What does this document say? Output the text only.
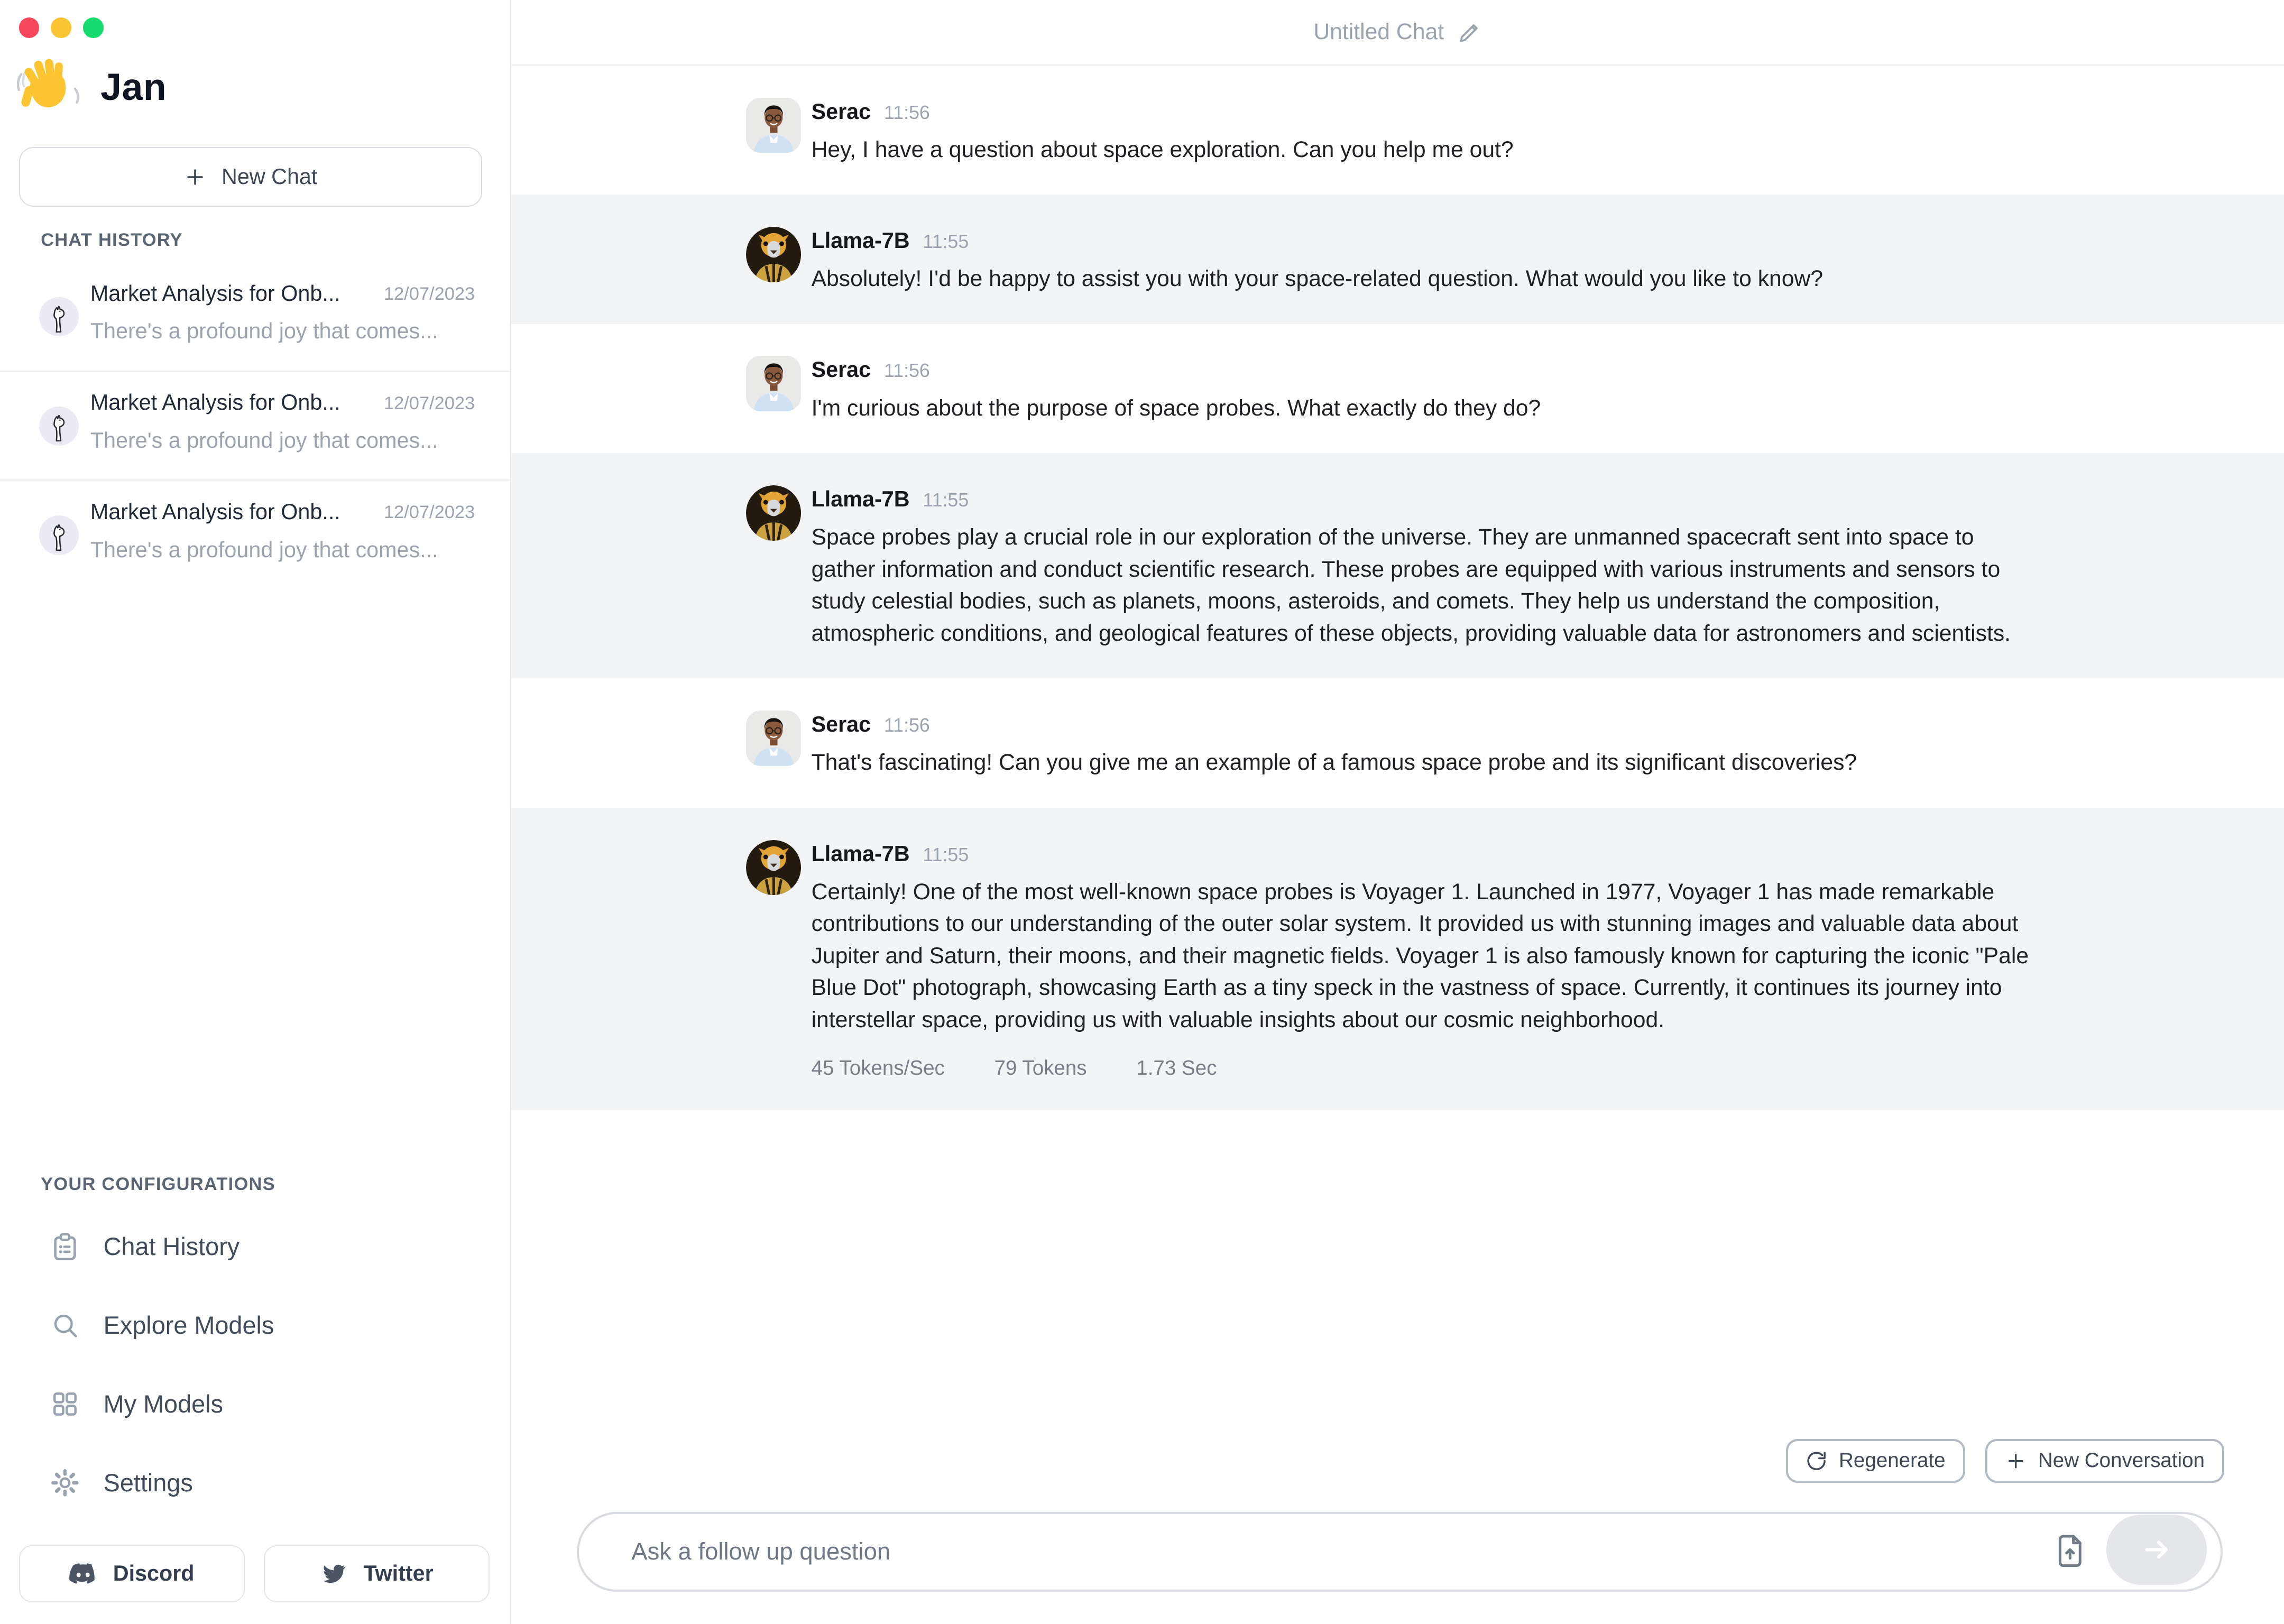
Jan
New Chat
CHAT HISTORY
Market Analysis for Onb...	12/07/2023
There's a profound joy that comes...
Market Analysis for Onb...	12/07/2023
There's a profound joy that comes...
Market Analysis for Onb...	12/07/2023
There's a profound joy that comes...
YOUR CONFIGURATIONS
Chat History
Explore Models
My Models
Settings
Discord	Twitter
Untitled Chat
Serac 11:56
Hey, I have a question about space exploration. Can you help me out?
Llama-7B 11:55
Absolutely! I'd be happy to assist you with your space-related question. What would you like to know?
Serac 11:56
I'm curious about the purpose of space probes. What exactly do they do?
Llama-7B 11:55
Space probes play a crucial role in our exploration of the universe. They are unmanned spacecraft sent into space to gather information and conduct scientific research. These probes are equipped with various instruments and sensors to study celestial bodies, such as planets, moons, asteroids, and comets. They help us understand the composition, atmospheric conditions, and geological features of these objects, providing valuable data for astronomers and scientists.
Serac 11:56
That's fascinating! Can you give me an example of a famous space probe and its significant discoveries?
Llama-7B 11:55
Certainly! One of the most well-known space probes is Voyager 1. Launched in 1977, Voyager 1 has made remarkable contributions to our understanding of the outer solar system. It provided us with stunning images and valuable data about Jupiter and Saturn, their moons, and their magnetic fields. Voyager 1 is also famously known for capturing the iconic "Pale Blue Dot" photograph, showcasing Earth as a tiny speck in the vastness of space. Currently, it continues its journey into interstellar space, providing us with valuable insights about our cosmic neighborhood.
45 Tokens/Sec	79 Tokens	1.73 Sec
Regenerate	New Conversation
Ask a follow up question
